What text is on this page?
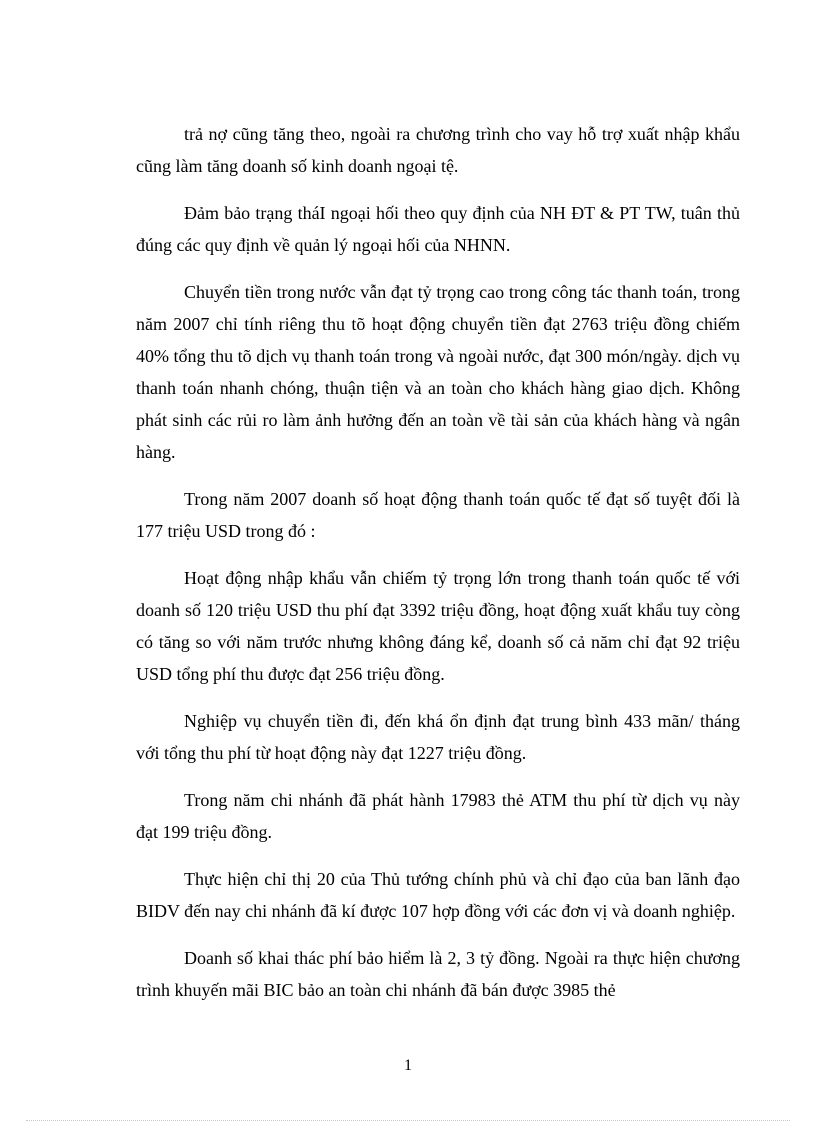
trả nợ cũng tăng theo, ngoài ra chương trình cho vay hỗ trợ xuất nhập khẩu cũng làm tăng doanh số kinh doanh ngoại tệ.

Đảm bảo trạng tháI ngoại hối theo quy định của NH ĐT & PT TW, tuân thủ đúng các quy định về quản lý ngoại hối của NHNN.

Chuyển tiền trong nước vẫn đạt tỷ trọng cao trong công tác thanh toán, trong năm 2007 chỉ tính riêng thu tõ hoạt động chuyển tiền đạt 2763 triệu đồng chiếm 40% tổng thu tõ dịch vụ thanh toán trong và ngoài nước, đạt 300 món/ngày. dịch vụ thanh toán nhanh chóng, thuận tiện và an toàn cho khách hàng giao dịch. Không phát sinh các rủi ro làm ảnh hưởng đến an toàn về tài sản của khách hàng và ngân hàng.

Trong năm 2007 doanh số hoạt động thanh toán quốc tế đạt số tuyệt đối là 177 triệu USD trong đó :

Hoạt động nhập khẩu vẫn chiếm tỷ trọng lớn trong thanh toán quốc tế với doanh số 120 triệu USD thu phí đạt 3392 triệu đồng, hoạt động xuất khẩu tuy còng có tăng so với năm trước nhưng không đáng kể, doanh số cả năm chỉ đạt 92 triệu USD tổng phí thu được đạt 256 triệu đồng.

Nghiệp vụ chuyển tiền đi, đến khá ổn định đạt trung bình 433 mãn/ tháng với tổng thu phí từ hoạt động này đạt 1227 triệu đồng.

Trong năm chi nhánh đã phát hành 17983 thẻ ATM thu phí từ dịch vụ này đạt 199 triệu đồng.

Thực hiện chỉ thị 20 của Thủ tướng chính phủ và chỉ đạo của ban lãnh đạo BIDV đến nay chi nhánh đã kí được 107 hợp đồng với các đơn vị và doanh nghiệp.

Doanh số khai thác phí bảo hiểm là 2, 3 tỷ đồng. Ngoài ra thực hiện chương trình khuyến mãi BIC bảo an toàn chi nhánh đã bán được 3985 thẻ

1
